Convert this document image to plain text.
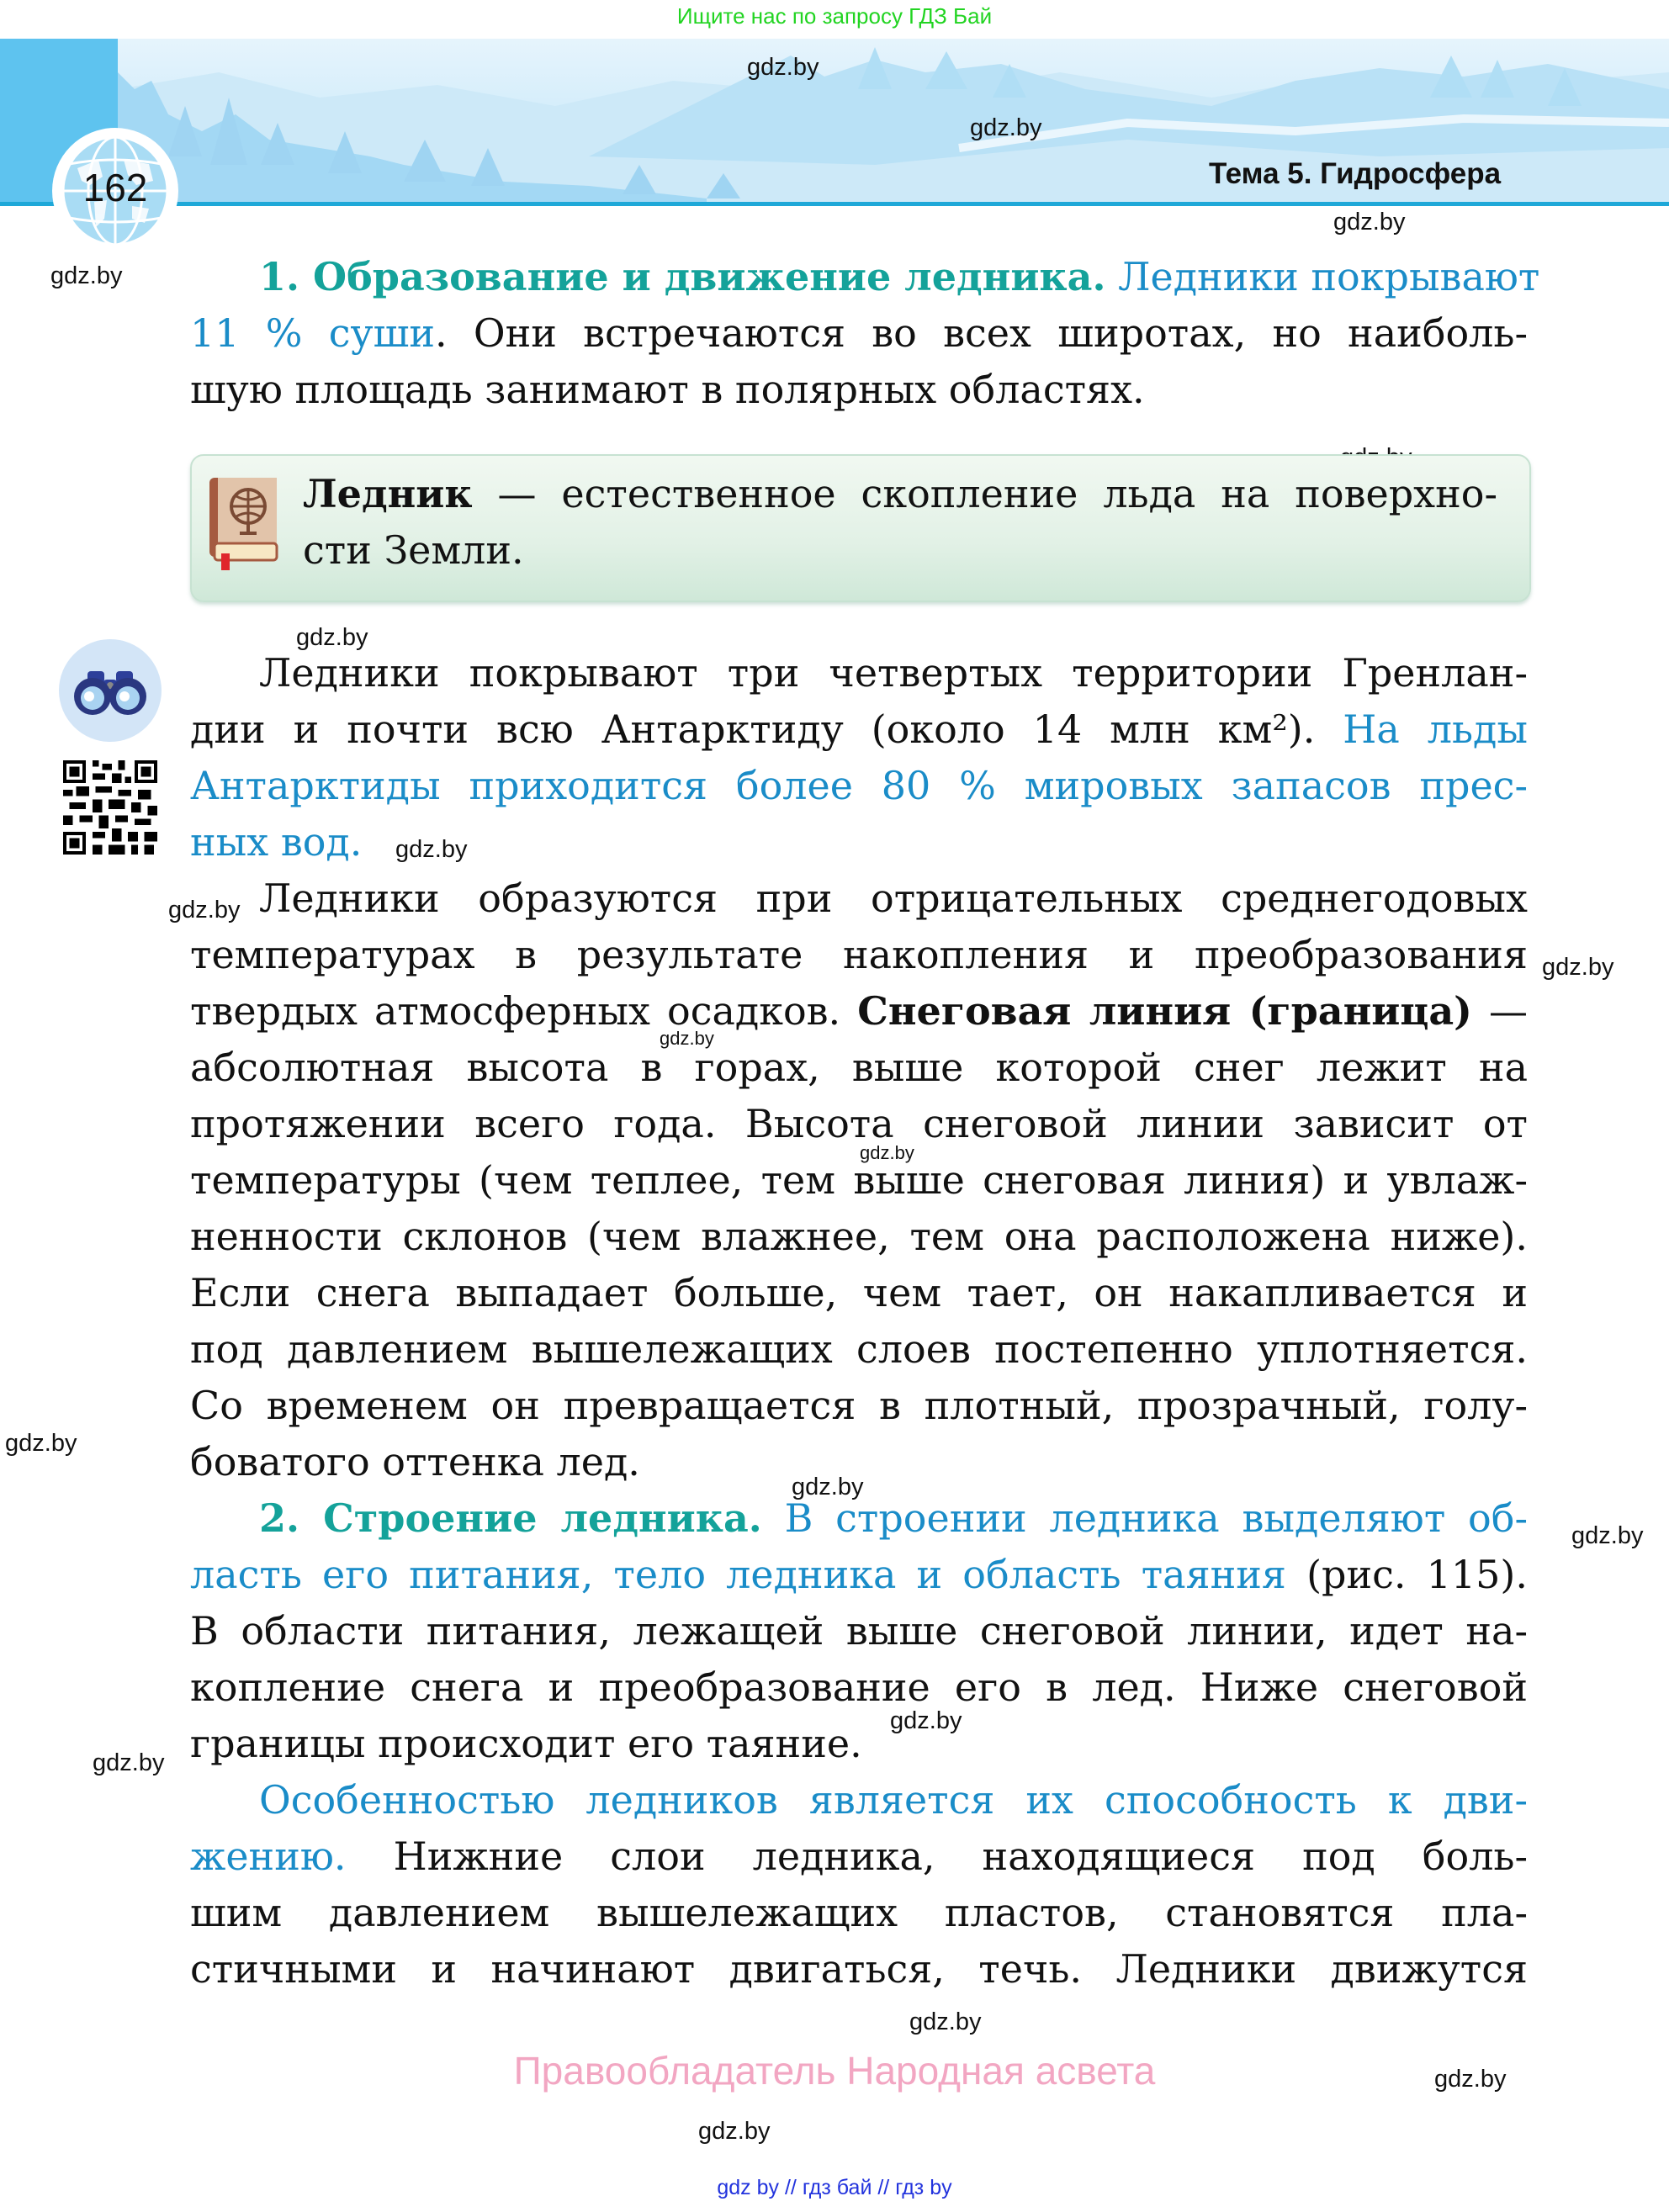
Ищите нас по запросу ГДЗ Бай
162	Тема 5. Гидросфера
gdz.by
gdz.by
gdz.by
gdz.by
gdz.by
gdz.by
gdz.by
gdz.by
gdz.by
gdz.by
gdz.by
gdz.by
gdz.by
gdz.by
gdz.by
gdz.by
gdz.by
gdz.by
1. Образование и движение ледника. Ледники покрывают
11 % суши. Они встречаются во всех широтах, но наиболь-
шую площадь занимают в полярных областях.
Ледник — естественное скопление льда на поверхно-
сти Земли.
Ледники покрывают три четвертых территории Гренлан-
дии и почти всю Антарктиду (около 14 млн км²). На льды
Антарктиды приходится более 80 % мировых запасов прес-
ных вод.
Ледники образуются при отрицательных среднегодовых
температурах в результате накопления и преобразования
твердых атмосферных осадков. Снеговая линия (граница) —
абсолютная высота в горах, выше которой снег лежит на
протяжении всего года. Высота снеговой линии зависит от
температуры (чем теплее, тем выше снеговая линия) и увлаж-
ненности склонов (чем влажнее, тем она расположена ниже).
Если снега выпадает больше, чем тает, он накапливается и
под давлением вышележащих слоев постепенно уплотняется.
Со временем он превращается в плотный, прозрачный, голу-
боватого оттенка лед.
2. Строение ледника. В строении ледника выделяют об-
ласть его питания, тело ледника и область таяния (рис. 115).
В области питания, лежащей выше снеговой линии, идет на-
копление снега и преобразование его в лед. Ниже снеговой
границы происходит его таяние.
Особенностью ледников является их способность к дви-
жению. Нижние слои ледника, находящиеся под боль-
шим давлением вышележащих пластов, становятся пла-
стичными и начинают двигаться, течь. Ледники движутся
Правообладатель Народная асвета
gdz by // гдз бай // гдз by
